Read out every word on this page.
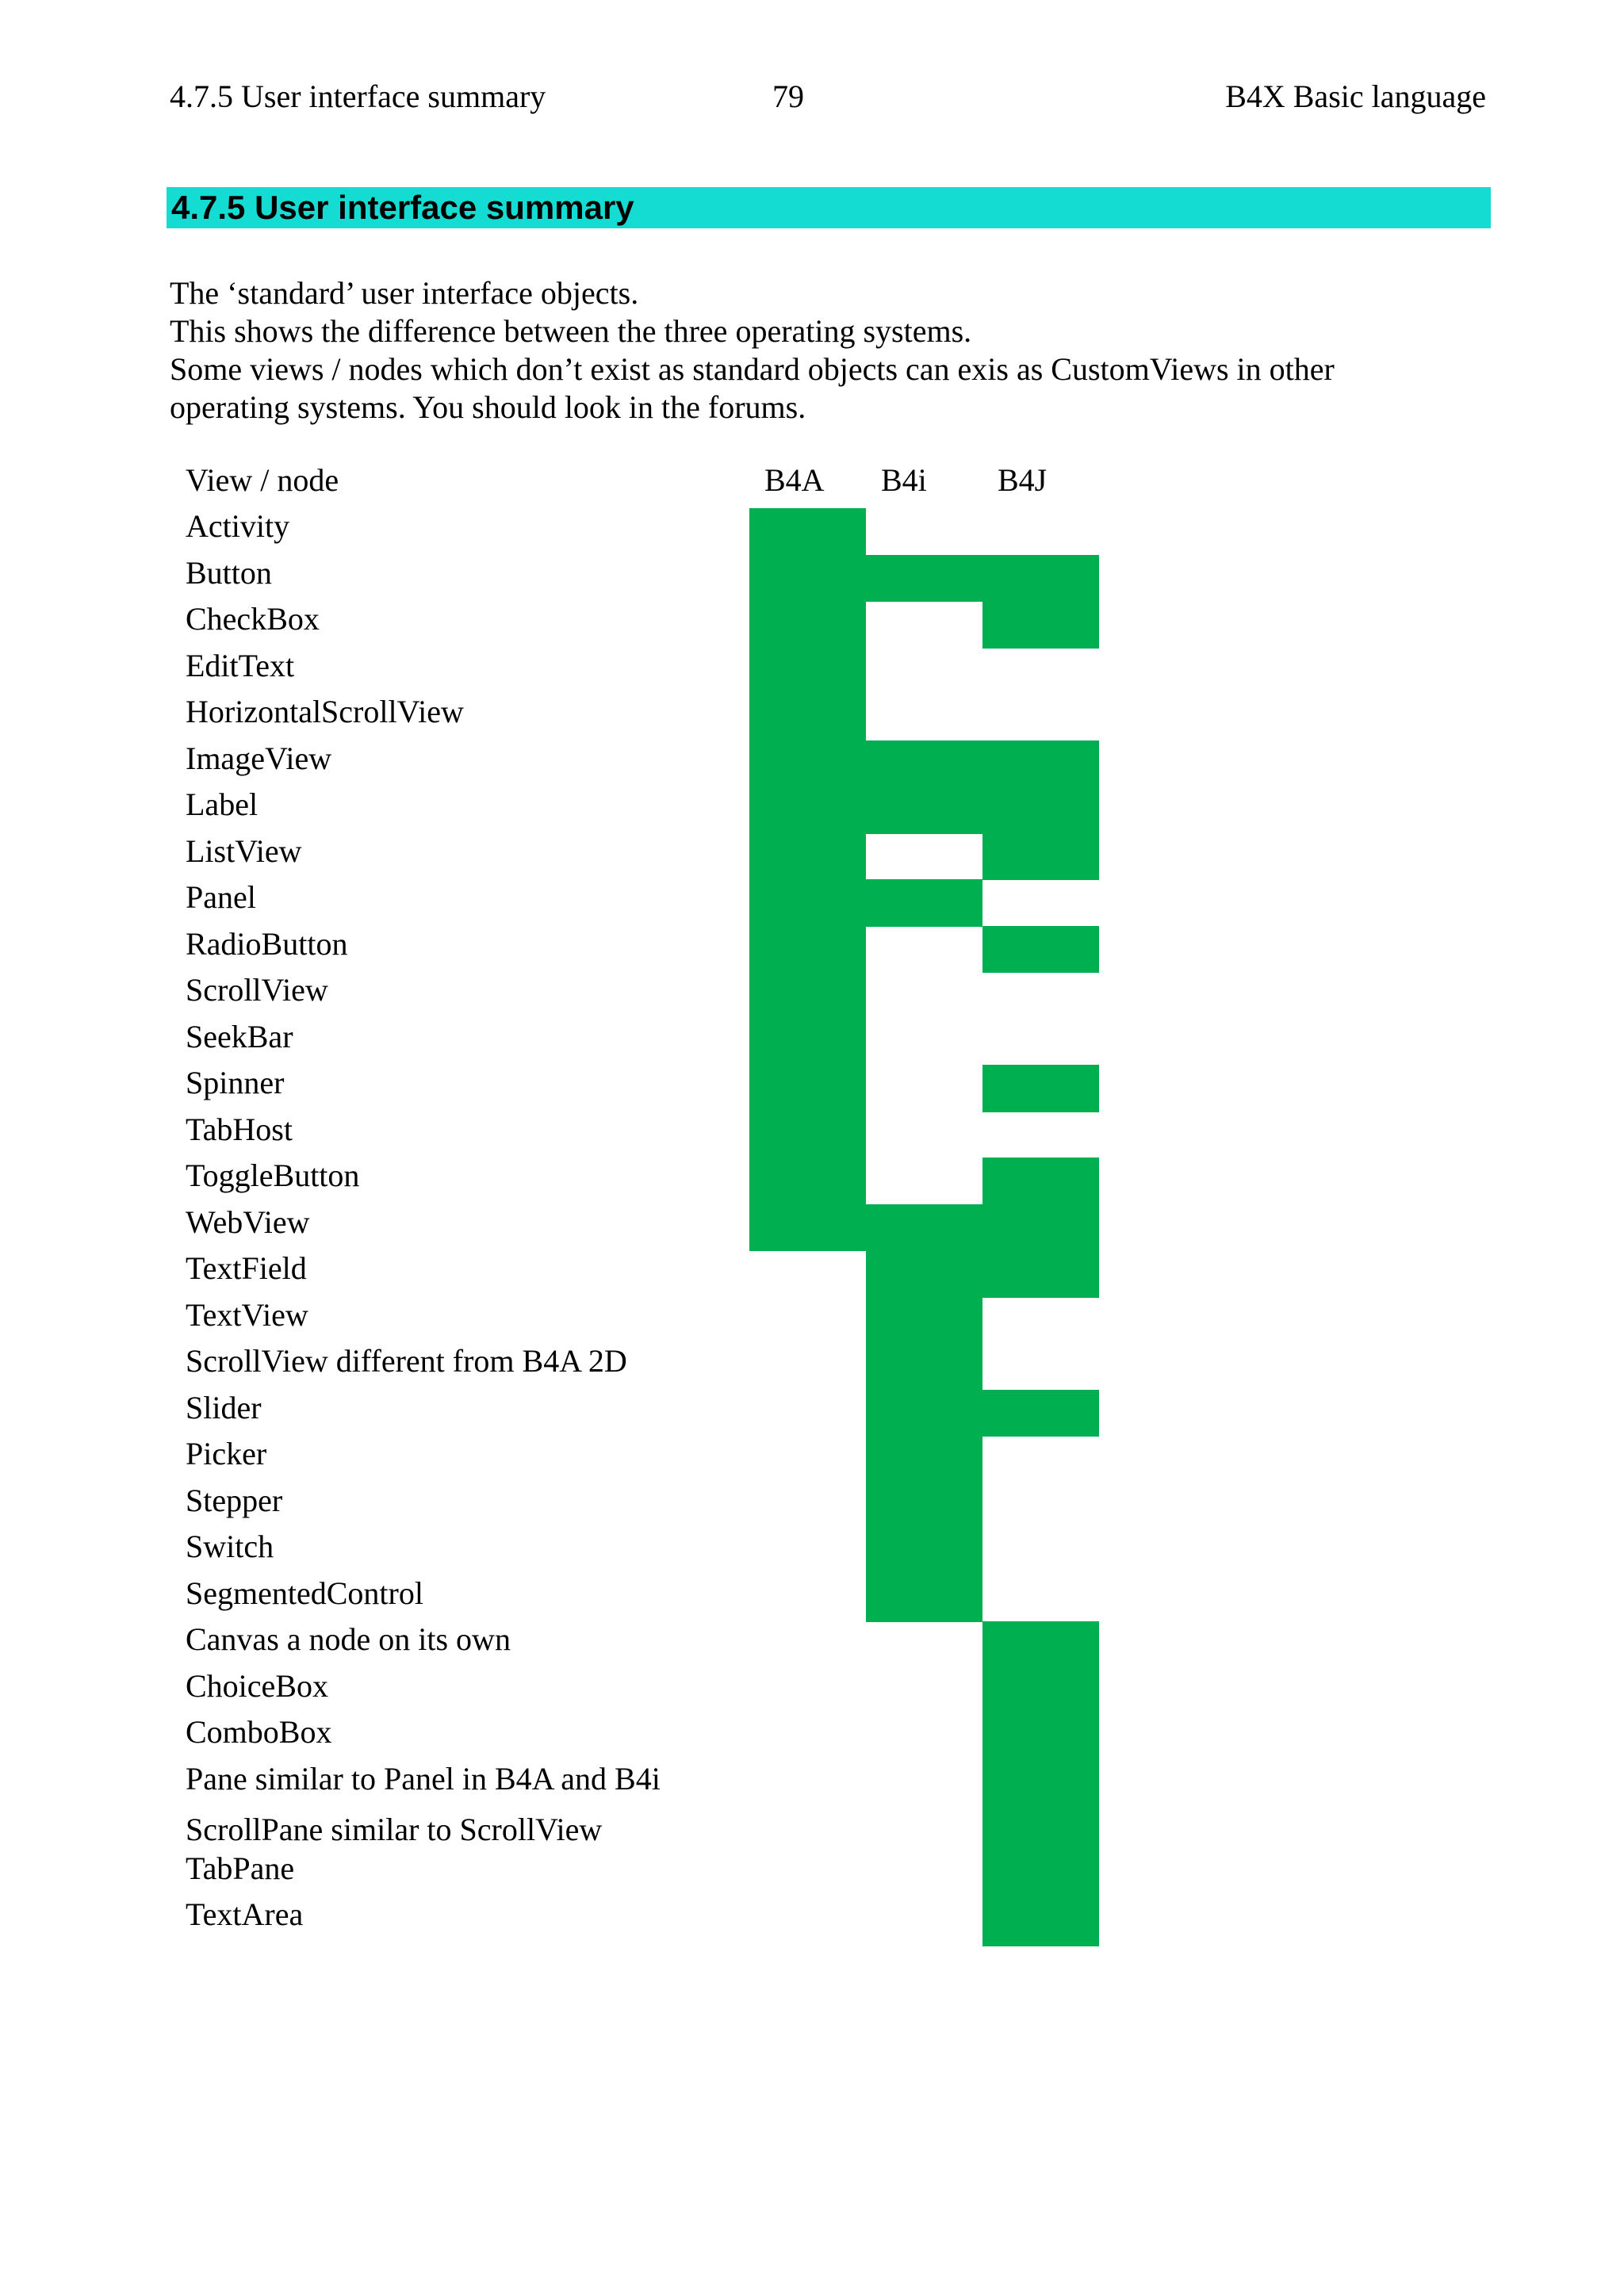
4.7.5 User interface summary	79	B4X Basic language
4.7.5 User interface summary

The ‘standard’ user interface objects.

This shows the difference between the three operating systems.

Some views / nodes which don’t exist as standard objects can exis as CustomViews in other

operating systems. You should look in the forums.

View / node	B4A B4i B4J
Activity
Button
CheckBox
EditText
HorizontalScrollView
ImageView
Label
ListView
Panel
RadioButton
ScrollView
SeekBar
Spinner
TabHost
ToggleButton
WebView
TextField
TextView
ScrollView different from B4A 2D
Slider
Picker
Stepper
Switch
SegmentedControl
Canvas a node on its own
ChoiceBox
ComboBox
Pane similar to Panel in B4A and B4i
ScrollPane similar to ScrollView
TabPane
TextArea
